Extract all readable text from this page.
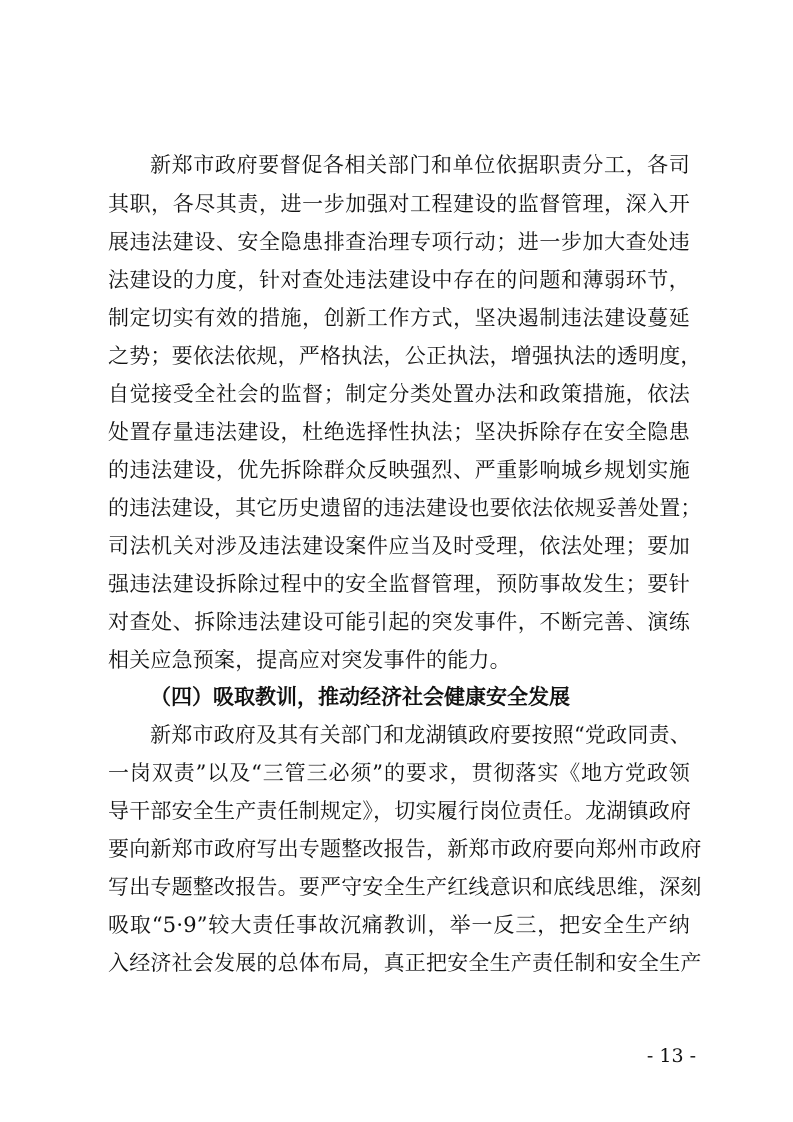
新郑市政府要督促各相关部门和单位依据职责分工，各司
其职，各尽其责，进一步加强对工程建设的监督管理，深入开
展违法建设、安全隐患排查治理专项行动；进一步加大查处违
法建设的力度，针对查处违法建设中存在的问题和薄弱环节，
制定切实有效的措施，创新工作方式，坚决遏制违法建设蔓延
之势；要依法依规，严格执法，公正执法，增强执法的透明度，
自觉接受全社会的监督；制定分类处置办法和政策措施，依法
处置存量违法建设，杜绝选择性执法；坚决拆除存在安全隐患
的违法建设，优先拆除群众反映强烈、严重影响城乡规划实施
的违法建设，其它历史遗留的违法建设也要依法依规妥善处置；
司法机关对涉及违法建设案件应当及时受理，依法处理；要加
强违法建设拆除过程中的安全监督管理，预防事故发生；要针
对查处、拆除违法建设可能引起的突发事件，不断完善、演练
相关应急预案，提高应对突发事件的能力。
（四）吸取教训，推动经济社会健康安全发展
新郑市政府及其有关部门和龙湖镇政府要按照“党政同责、
一岗双责”以及“三管三必须”的要求，贯彻落实《地方党政领
导干部安全生产责任制规定》，切实履行岗位责任。龙湖镇政府
要向新郑市政府写出专题整改报告，新郑市政府要向郑州市政府
写出专题整改报告。要严守安全生产红线意识和底线思维，深刻
吸取“5·9”较大责任事故沉痛教训，举一反三，把安全生产纳
入经济社会发展的总体布局，真正把安全生产责任制和安全生产
- 13 -
